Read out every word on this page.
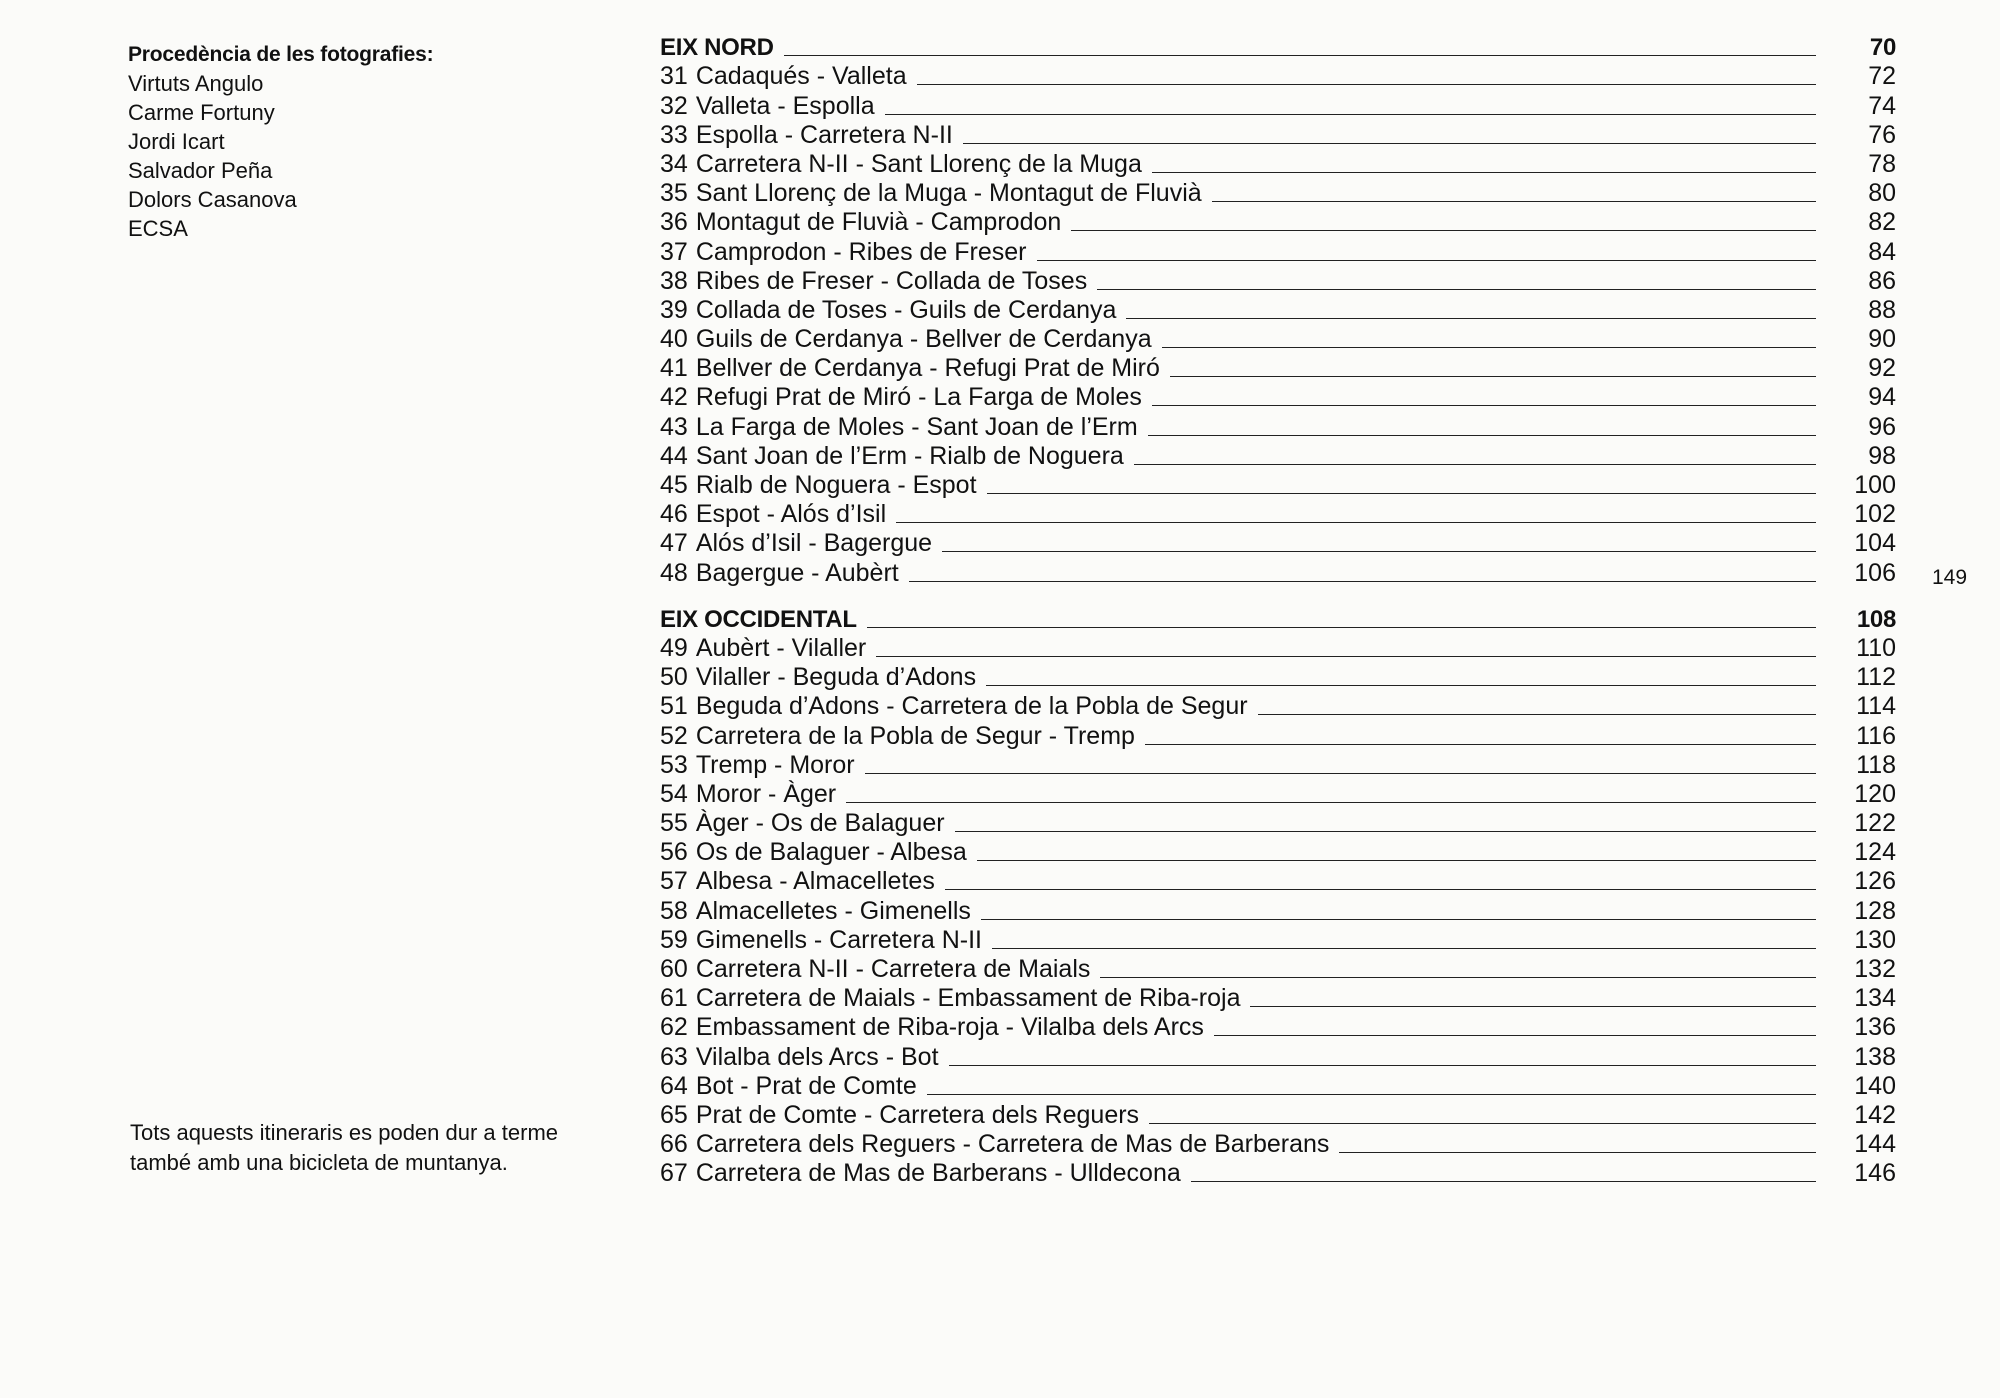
Procedència de les fotografies:
Virtuts Angulo
Carme Fortuny
Jordi Icart
Salvador Peña
Dolors Casanova
ECSA
Tots aquests itineraris es poden dur a terme també amb una bicicleta de muntanya.
EIX NORD	70
31 Cadaqués - Valleta	72
32 Valleta - Espolla	74
33 Espolla - Carretera N-II	76
34 Carretera N-II - Sant Llorenç de la Muga	78
35 Sant Llorenç de la Muga - Montagut de Fluvià	80
36 Montagut de Fluvià - Camprodon	82
37 Camprodon - Ribes de Freser	84
38 Ribes de Freser - Collada de Toses	86
39 Collada de Toses - Guils de Cerdanya	88
40 Guils de Cerdanya - Bellver de Cerdanya	90
41 Bellver de Cerdanya - Refugi Prat de Miró	92
42 Refugi Prat de Miró - La Farga de Moles	94
43 La Farga de Moles - Sant Joan de l’Erm	96
44 Sant Joan de l’Erm - Rialb de Noguera	98
45 Rialb de Noguera - Espot	100
46 Espot - Alós d’Isil	102
47 Alós d’Isil - Bagergue	104
48 Bagergue - Aubèrt	106
EIX OCCIDENTAL	108
49 Aubèrt - Vilaller	110
50 Vilaller - Beguda d’Adons	112
51 Beguda d’Adons - Carretera de la Pobla de Segur	114
52 Carretera de la Pobla de Segur - Tremp	116
53 Tremp - Moror	118
54 Moror - Àger	120
55 Àger - Os de Balaguer	122
56 Os de Balaguer - Albesa	124
57 Albesa - Almacelletes	126
58 Almacelletes - Gimenells	128
59 Gimenells - Carretera N-II	130
60 Carretera N-II - Carretera de Maials	132
61 Carretera de Maials - Embassament de Riba-roja	134
62 Embassament de Riba-roja - Vilalba dels Arcs	136
63 Vilalba dels Arcs - Bot	138
64 Bot - Prat de Comte	140
65 Prat de Comte - Carretera dels Reguers	142
66 Carretera dels Reguers - Carretera de Mas de Barberans	144
67 Carretera de Mas de Barberans - Ulldecona	146
149
